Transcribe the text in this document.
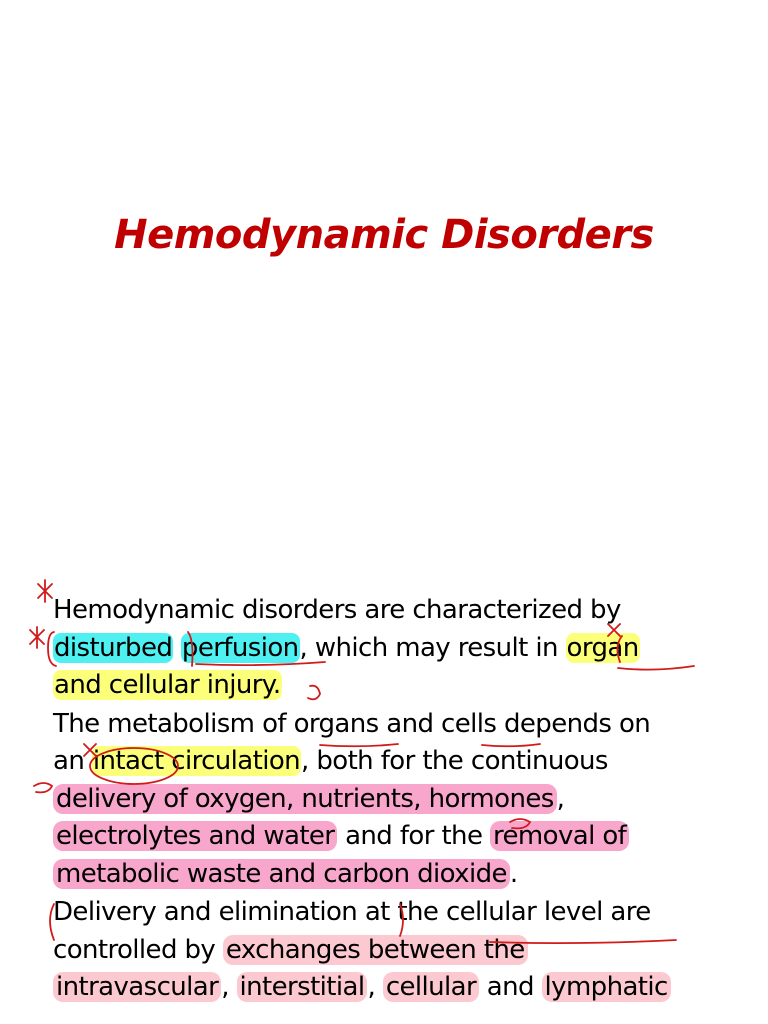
Hemodynamic Disorders
Hemodynamic disorders are characterized by
disturbed perfusion, which may result in organ
and cellular injury.
The metabolism of organs and cells depends on
an intact circulation, both for the continuous
delivery of oxygen, nutrients, hormones ,
electrolytes and water and for the removal of
metabolic waste and carbon dioxide .
Delivery and elimination at the cellular level are
controlled by exchanges between the
intravascular , interstitial , cellular and lymphatic
